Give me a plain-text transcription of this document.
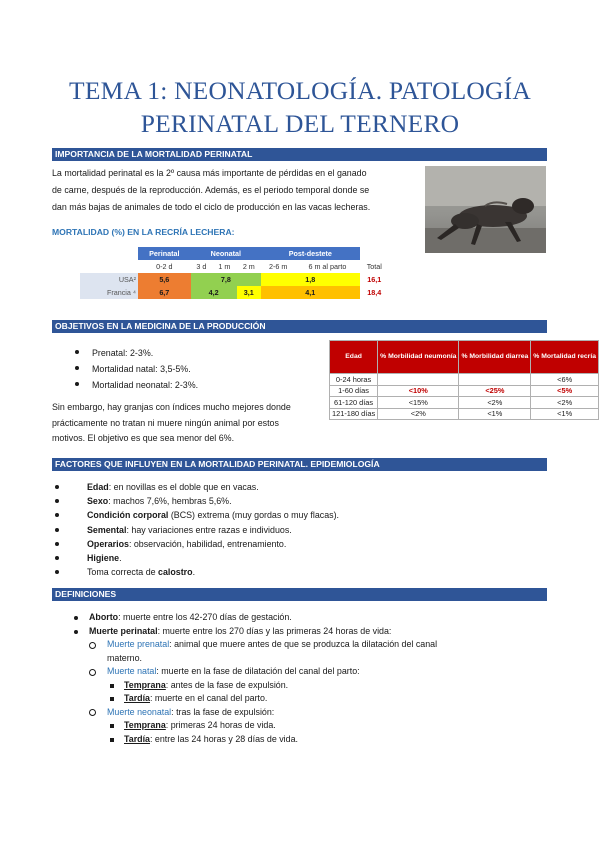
TEMA 1: NEONATOLOGÍA. PATOLOGÍA
PERINATAL DEL TERNERO
IMPORTANCIA DE LA MORTALIDAD PERINATAL
La mortalidad perinatal es la 2º causa más importante de pérdidas en el ganado
de carne, después de la reproducción. Además, es el periodo temporal donde se
dan más bajas de animales de todo el ciclo de producción en las vacas lecheras.
MORTALIDAD (%) EN LA RECRÍA LECHERA:
	Perinatal	Neonatal			Post-destete		
	0-2 d	3 d	1 m	2 m	2-6 m	6 m al parto	Total
USA²	5,6	7,8			1,8		16,1
Francia ⁴	6,7	4,2		3,1	4,1		18,4
OBJETIVOS EN LA MEDICINA DE LA PRODUCCIÓN
Prenatal: 2-3%.
Mortalidad natal: 3,5-5%.
Mortalidad neonatal: 2-3%.
Sin embargo, hay granjas con índices mucho mejores donde
prácticamente no tratan ni muere ningún animal por estos
motivos. El objetivo es que sea menor del 6%.
Edad	% Morbilidad neumonía	% Morbilidad diarrea	% Mortalidad recría
0-24 horas			<6%
1-60 días	<10%	<25%	<5%
61-120 días	<15%	<2%	<2%
121-180 días	<2%	<1%	<1%
FACTORES QUE INFLUYEN EN LA MORTALIDAD PERINATAL. EPIDEMIOLOGÍA
Edad: en novillas es el doble que en vacas.
Sexo: machos 7,6%, hembras 5,6%.
Condición corporal (BCS) extrema (muy gordas o muy flacas).
Semental: hay variaciones entre razas e individuos.
Operarios: observación, habilidad, entrenamiento.
Higiene.
Toma correcta de calostro.
DEFINICIONES
Aborto: muerte entre los 42-270 días de gestación.
Muerte perinatal: muerte entre los 270 días y las primeras 24 horas de vida:
Muerte prenatal: animal que muere antes de que se produzca la dilatación del canal
materno.
Muerte natal: muerte en la fase de dilatación del canal del parto:
Temprana: antes de la fase de expulsión.
Tardía: muerte en el canal del parto.
Muerte neonatal: tras la fase de expulsión:
Temprana: primeras 24 horas de vida.
Tardía: entre las 24 horas y 28 días de vida.
